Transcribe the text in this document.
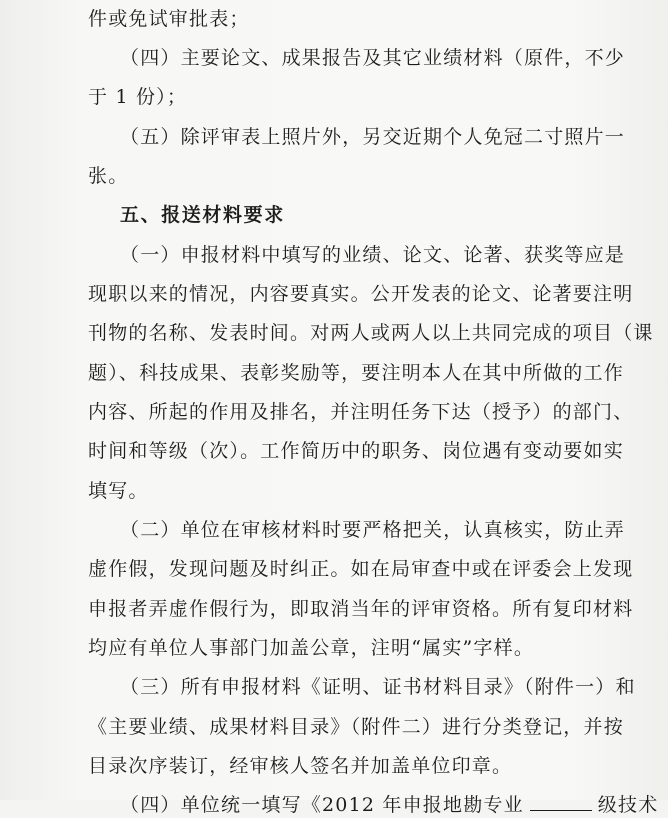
件或免试审批表；
（四）主要论文、成果报告及其它业绩材料（原件，不少
于 1 份）；
（五）除评审表上照片外，另交近期个人免冠二寸照片一
张。
五、报送材料要求
（一）申报材料中填写的业绩、论文、论著、获奖等应是
现职以来的情况，内容要真实。公开发表的论文、论著要注明
刊物的名称、发表时间。对两人或两人以上共同完成的项目（课
题）、科技成果、表彰奖励等，要注明本人在其中所做的工作
内容、所起的作用及排名，并注明任务下达（授予）的部门、
时间和等级（次）。工作简历中的职务、岗位遇有变动要如实
填写。
（二）单位在审核材料时要严格把关，认真核实，防止弄
虚作假，发现问题及时纠正。如在局审查中或在评委会上发现
申报者弄虚作假行为，即取消当年的评审资格。所有复印材料
均应有单位人事部门加盖公章，注明“属实”字样。
（三）所有申报材料《证明、证书材料目录》（附件一）和
《主要业绩、成果材料目录》（附件二）进行分类登记，并按
目录次序装订，经审核人签名并加盖单位印章。
（四）单位统一填写《2012 年申报地勘专业	级技术
